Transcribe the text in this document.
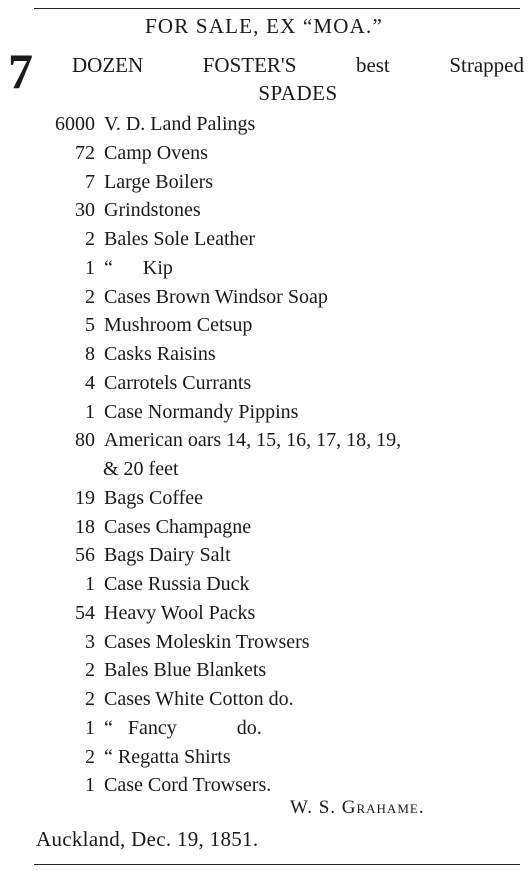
FOR SALE, EX “MOA.”
7 DOZEN	FOSTER'S	best	Strapped
SPADES
6000 V. D. Land Palings
72 Camp Ovens
7 Large Boilers
30 Grindstones
2 Bales Sole Leather
1 “      Kip
2 Cases Brown Windsor Soap
5 Mushroom Cetsup
8 Casks Raisins
4 Carrotels Currants
1 Case Normandy Pippins
80 American oars 14, 15, 16, 17, 18, 19,
& 20 feet
19 Bags Coffee
18 Cases Champagne
56 Bags Dairy Salt
1 Case Russia Duck
54 Heavy Wool Packs
3 Cases Moleskin Trowsers
2 Bales Blue Blankets
2 Cases White Cotton do.
1 “   Fancy            do.
2 “ Regatta Shirts
1 Case Cord Trowsers.
W. S. Grahame.
Auckland, Dec. 19, 1851.
